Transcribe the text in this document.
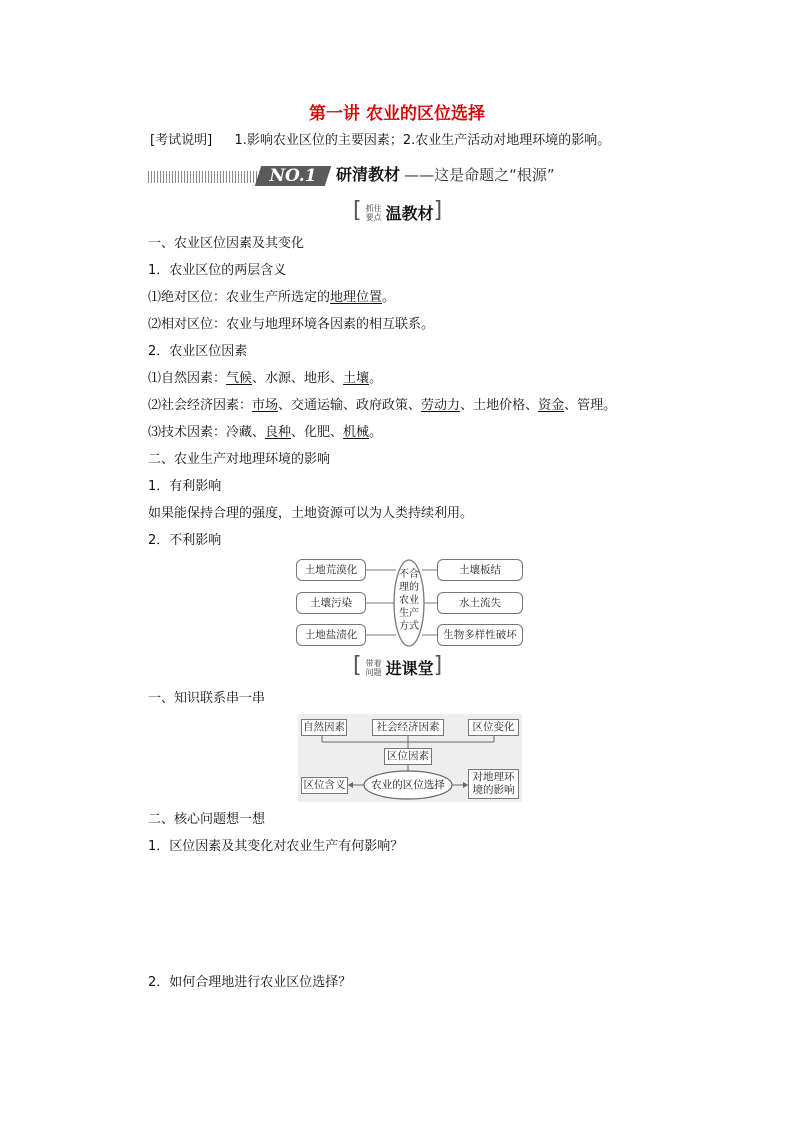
第一讲 农业的区位选择
[考试说明] 1.影响农业区位的主要因素；2.农业生产活动对地理环境的影响。
NO.1	研清教材 ——这是命题之“根源”
[ 抓住要点 温教材]
一、农业区位因素及其变化
1．农业区位的两层含义
⑴绝对区位：农业生产所选定的地理位置。
⑵相对区位：农业与地理环境各因素的相互联系。
2．农业区位因素
⑴自然因素：气候、水源、地形、土壤。
⑵社会经济因素：市场、交通运输、政府政策、劳动力、土地价格、资金、管理。
⑶技术因素：冷藏、良种、化肥、机械。
二、农业生产对地理环境的影响
1．有利影响
如果能保持合理的强度，土地资源可以为人类持续利用。
2．不利影响
土地荒漠化
土壤污染
土地盐渍化
不合
理的
农业
生产
方式
土壤板结
水土流失
生物多样性破坏
[ 带着问题 进课堂]
一、知识联系串一串
自然因素	社会经济因素	区位变化
区位因素
区位含义	农业的区位选择
对地理环
境的影响
二、核心问题想一想
1．区位因素及其变化对农业生产有何影响？
2．如何合理地进行农业区位选择？
